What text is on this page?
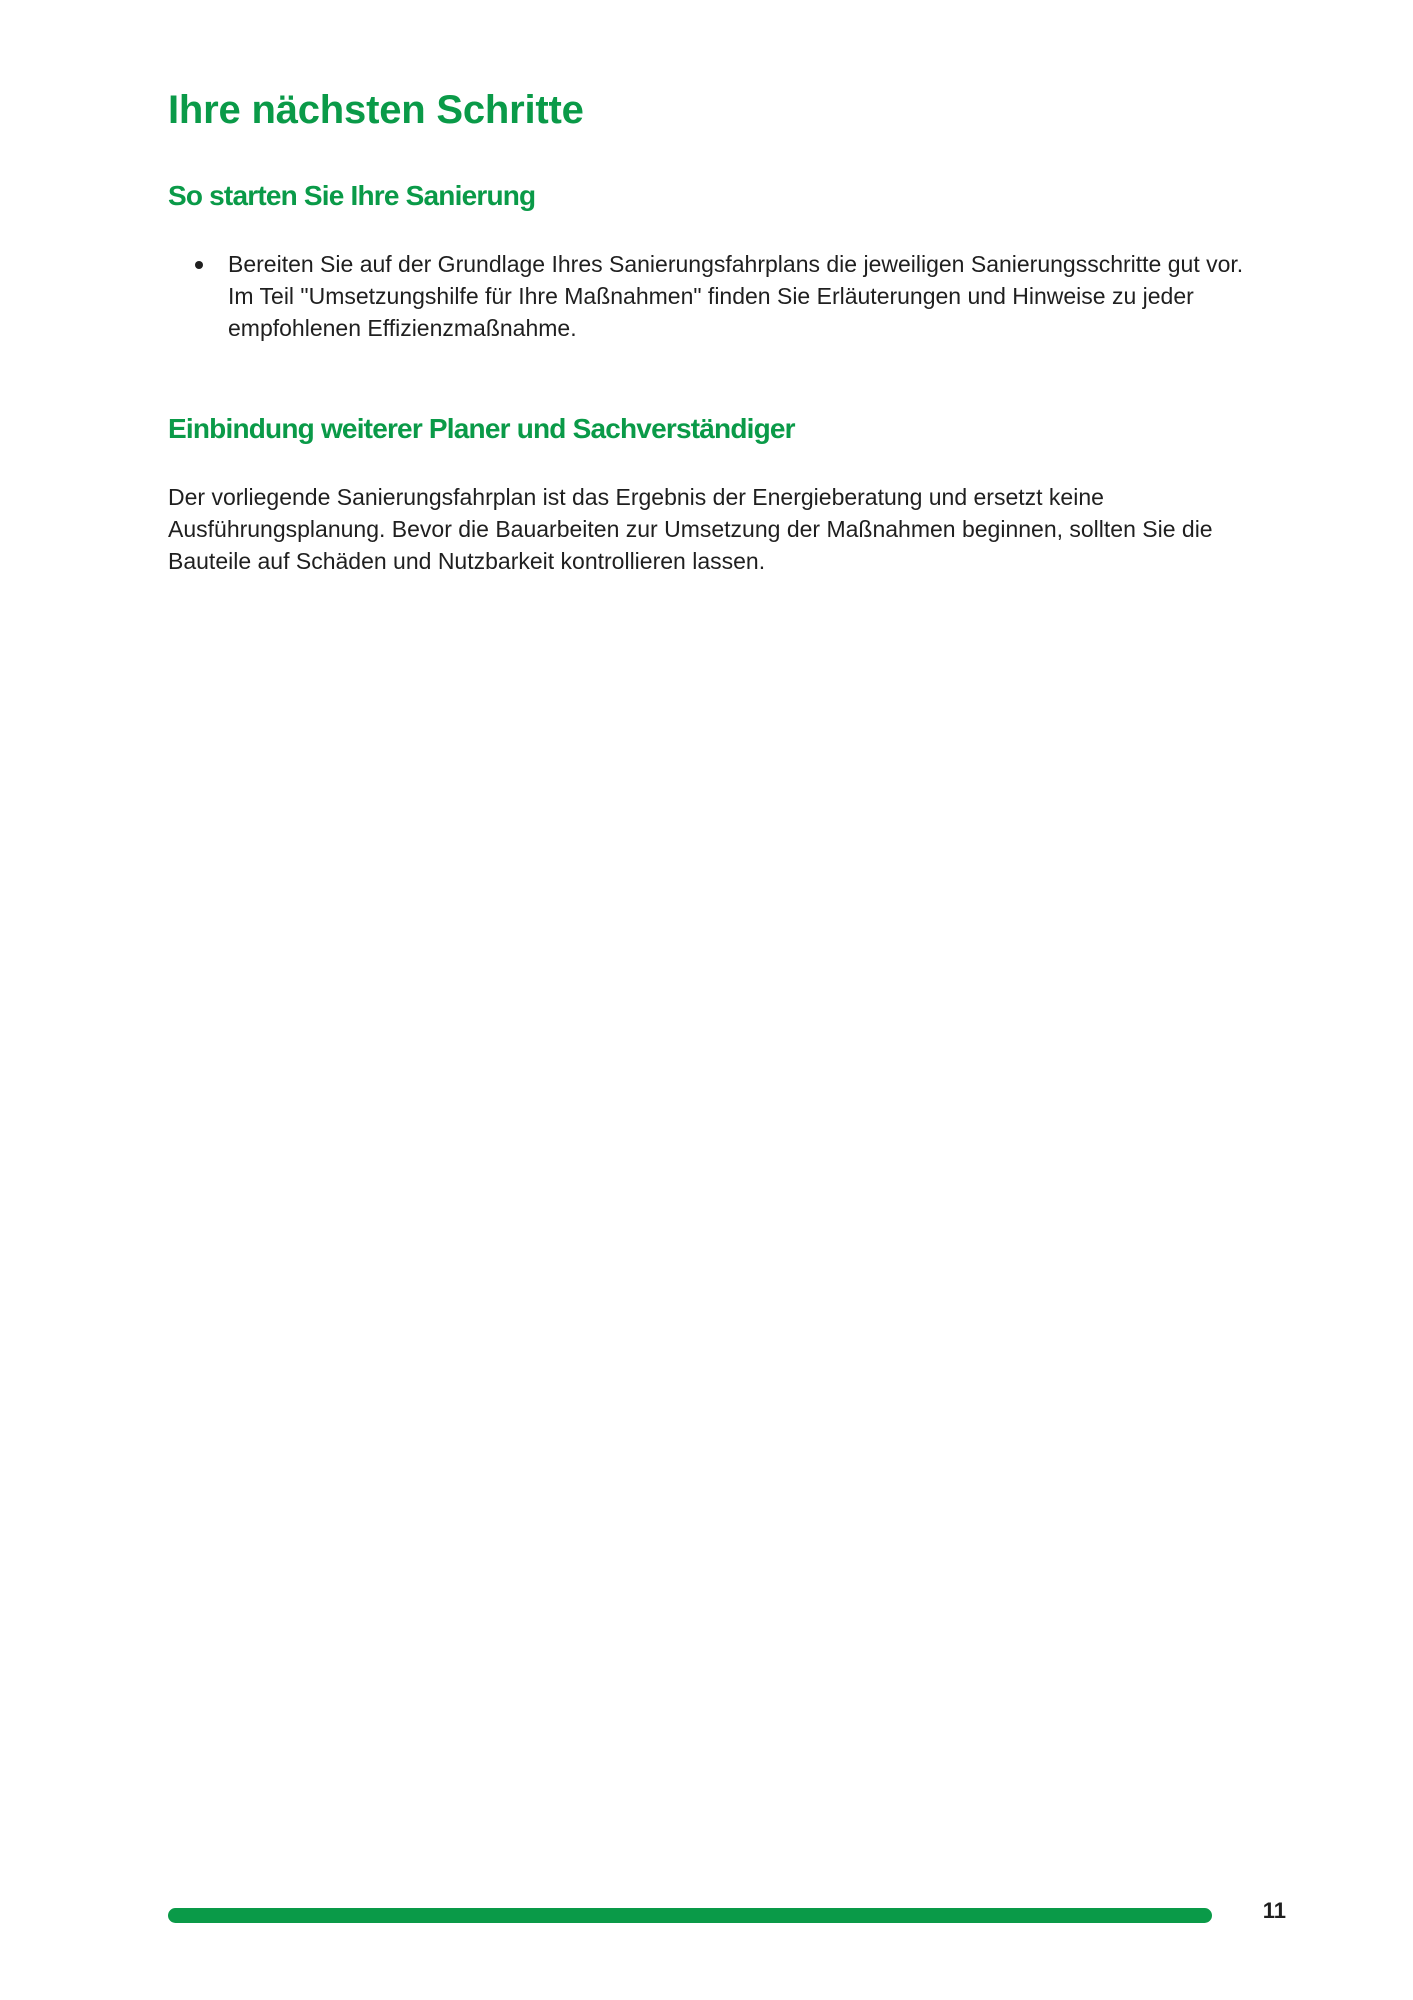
Ihre nächsten Schritte
So starten Sie Ihre Sanierung
Bereiten Sie auf der Grundlage Ihres Sanierungsfahrplans die jeweiligen Sanierungsschritte gut vor. Im Teil "Umsetzungshilfe für Ihre Maßnahmen" finden Sie Erläuterungen und Hinweise zu jeder empfohlenen Effizienzmaßnahme.
Einbindung weiterer Planer und Sachverständiger

Der vorliegende Sanierungsfahrplan ist das Ergebnis der Energieberatung und ersetzt keine Ausführungsplanung. Bevor die Bauarbeiten zur Umsetzung der Maßnahmen beginnen, sollten Sie die Bauteile auf Schäden und Nutzbarkeit kontrollieren lassen.

11
